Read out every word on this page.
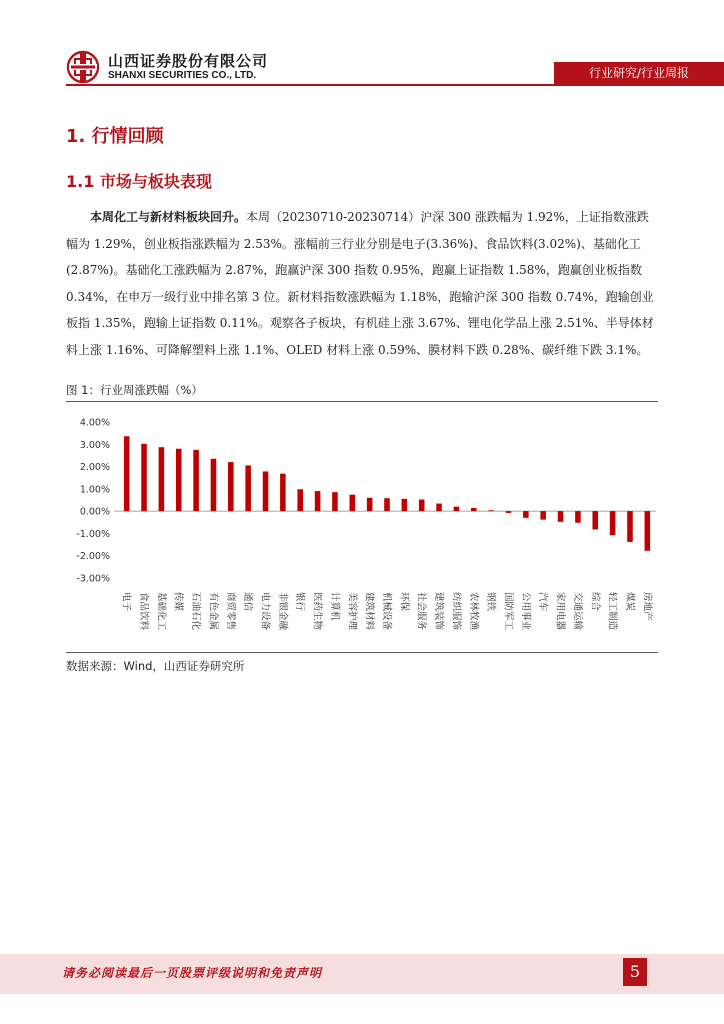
山西证券股份有限公司
SHANXI SECURITIES CO., LTD.	行业研究/行业周报
1. 行情回顾
1.1 市场与板块表现
本周化工与新材料板块回升。本周（20230710-20230714）沪深 300 涨跌幅为 1.92%，上证指数涨跌幅为 1.29%，创业板指涨跌幅为 2.53%。涨幅前三行业分别是电子(3.36%)、食品饮料(3.02%)、基础化工(2.87%)。基础化工涨跌幅为 2.87%，跑赢沪深 300 指数 0.95%，跑赢上证指数 1.58%，跑赢创业板指数 0.34%，在申万一级行业中排名第 3 位。新材料指数涨跌幅为 1.18%，跑输沪深 300 指数 0.74%，跑输创业板指 1.35%，跑输上证指数 0.11%。观察各子板块，有机硅上涨 3.67%、锂电化学品上涨 2.51%、半导体材料上涨 1.16%、可降解塑料上涨 1.1%、OLED 材料上涨 0.59%、膜材料下跌 0.28%、碳纤维下跌 3.1%。
图 1：行业周涨跌幅（%）
4.00%
3.00%
2.00%
1.00%
0.00%
-1.00%
-2.00%
-3.00%
电子 食品饮料 基础化工 传媒 石油石化 有色金属 商贸零售 通信 电力设备 非银金融 银行 医药生物 计算机 美容护理 建筑材料 机械设备 环保 社会服务 建筑装饰 纺织服饰 农林牧渔 钢铁 国防军工 公用事业 汽车 家用电器 交通运输 综合 轻工制造 煤炭 房地产
数据来源：Wind，山西证券研究所
请务必阅读最后一页股票评级说明和免责声明	5
